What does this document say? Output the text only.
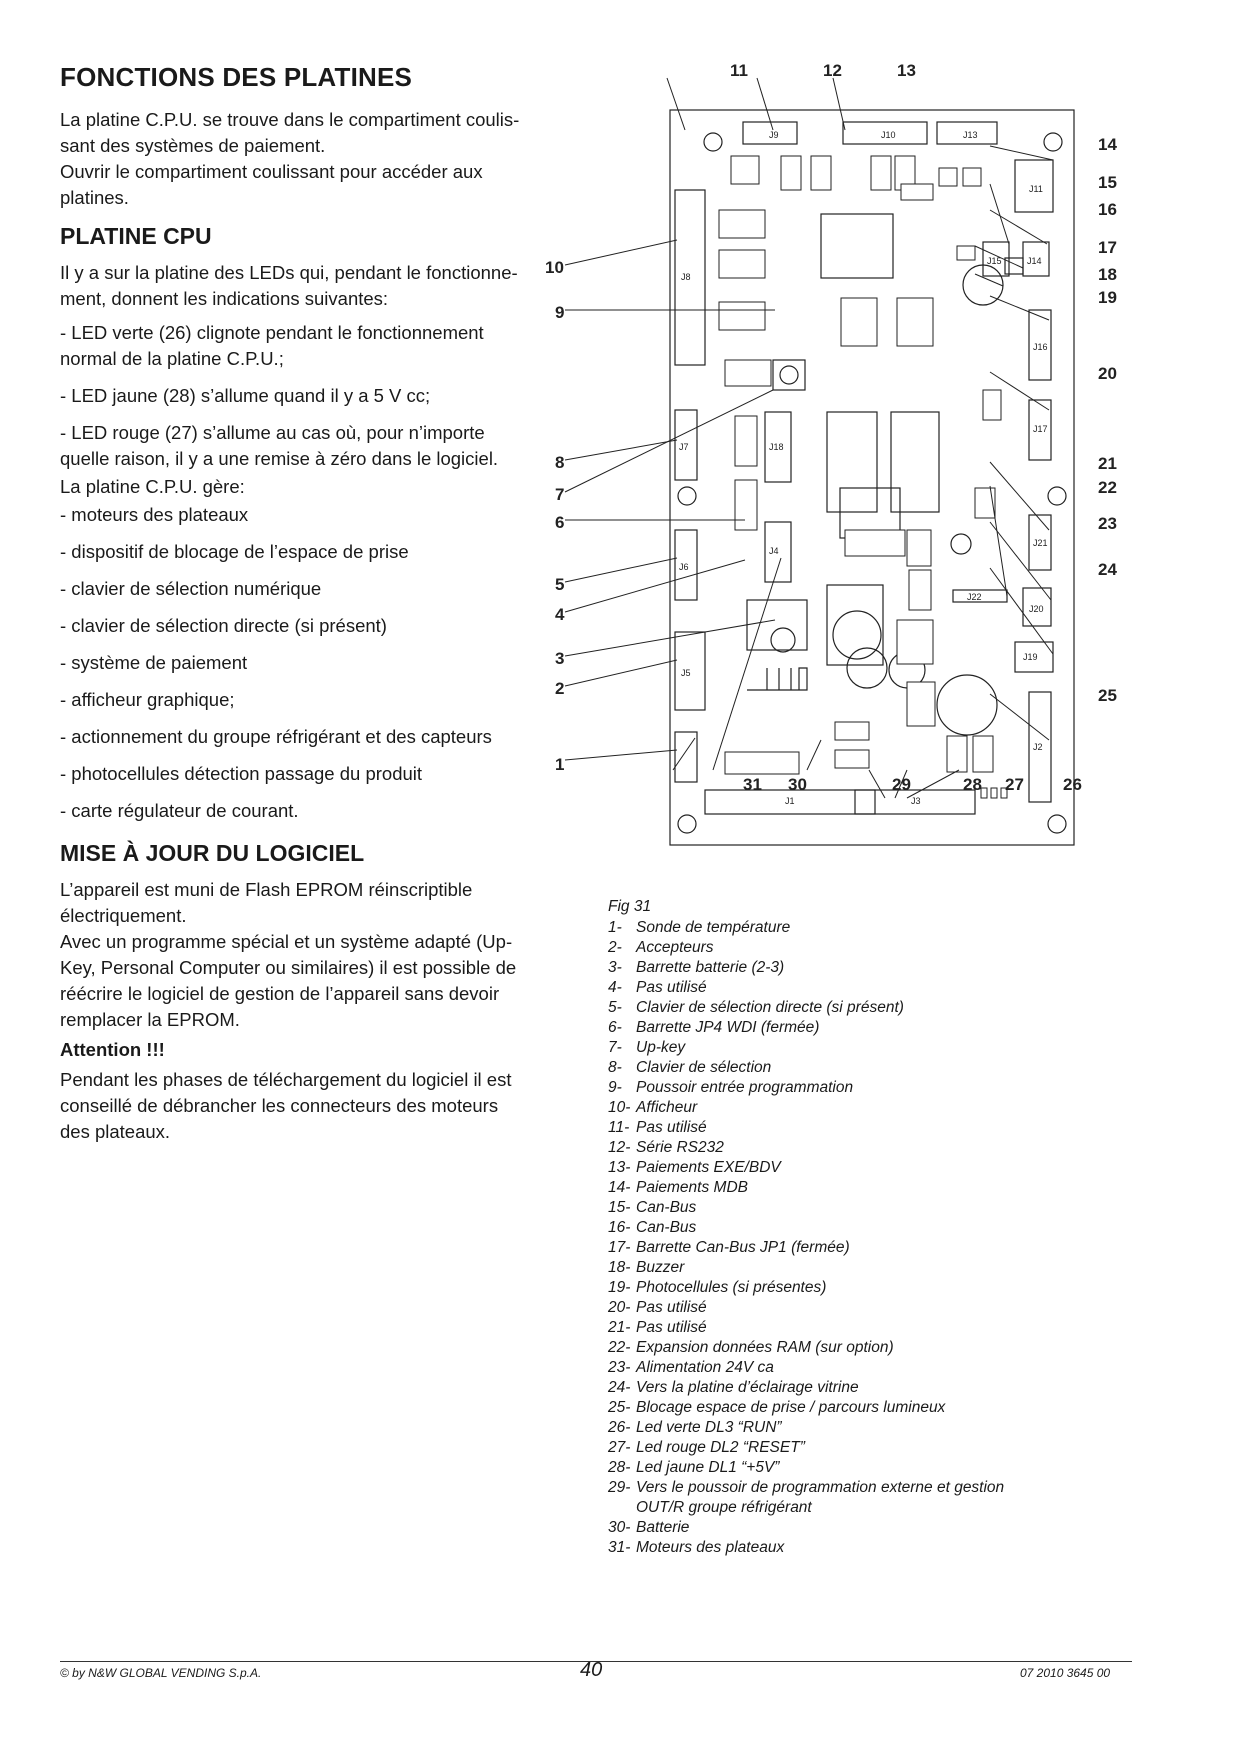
FONCTIONS DES PLATINES
La platine C.P.U. se trouve dans le compartiment coulis-
sant des systèmes de paiement.
Ouvrir le compartiment coulissant pour accéder aux
platines.
PLATINE CPU
Il y a sur la platine des LEDs qui, pendant le fonctionne-
ment, donnent les indications suivantes:
- LED verte (26) clignote pendant le fonctionnement
normal de la platine C.P.U.;
- LED jaune (28) s’allume quand il y a 5 V cc;
- LED rouge (27) s’allume au cas où, pour n’importe
quelle raison, il y a une remise à zéro dans le logiciel.
La platine C.P.U. gère:
- moteurs des plateaux
- dispositif de blocage de l’espace de prise
- clavier de sélection numérique
- clavier de sélection directe (si présent)
- système de paiement
- afficheur graphique;
- actionnement du groupe réfrigérant et des capteurs
- photocellules détection passage du produit
- carte régulateur de courant.
MISE À JOUR DU LOGICIEL
L’appareil est muni de Flash EPROM réinscriptible
électriquement.
Avec un programme spécial et un système adapté (Up-
Key, Personal Computer ou similaires) il est possible de
réécrire le logiciel de gestion de l’appareil sans devoir
remplacer la EPROM.
Attention !!!
Pendant les phases de téléchargement du logiciel il est
conseillé de débrancher les connecteurs des moteurs
des plateaux.
J9	J10	J13
J11
J15	J14
J16
J8
J7	J18
J1
J6
J5
J17
J21
J22
J20
J19
J2
J3
J4
1
2
3
4
5
6
7
8
9
10
11	12	13
14
15
16
17
18
19
20
21
22
23
24
25
26
27
28
29
30
31
Fig 31
1- Sonde de température
2- Accepteurs
3- Barrette batterie (2-3)
4- Pas utilisé
5- Clavier de sélection directe (si présent)
6- Barrette JP4 WDI (fermée)
7- Up-key
8- Clavier de sélection
9- Poussoir entrée programmation
10- Afficheur
11- Pas utilisé
12- Série RS232
13- Paiements EXE/BDV
14- Paiements MDB
15- Can-Bus
16- Can-Bus
17- Barrette Can-Bus JP1 (fermée)
18- Buzzer
19- Photocellules (si présentes)
20- Pas utilisé
21- Pas utilisé
22- Expansion données RAM (sur option)
23- Alimentation 24V ca
24- Vers la platine d’éclairage vitrine
25- Blocage espace de prise / parcours lumineux
26- Led verte DL3 “RUN”
27- Led rouge DL2 “RESET”
28- Led jaune DL1 “+5V”
29- Vers le poussoir de programmation externe et gestion OUT/R groupe réfrigérant
30- Batterie
31- Moteurs des plateaux
© by N&W GLOBAL VENDING S.p.A.	40	07 2010 3645 00
